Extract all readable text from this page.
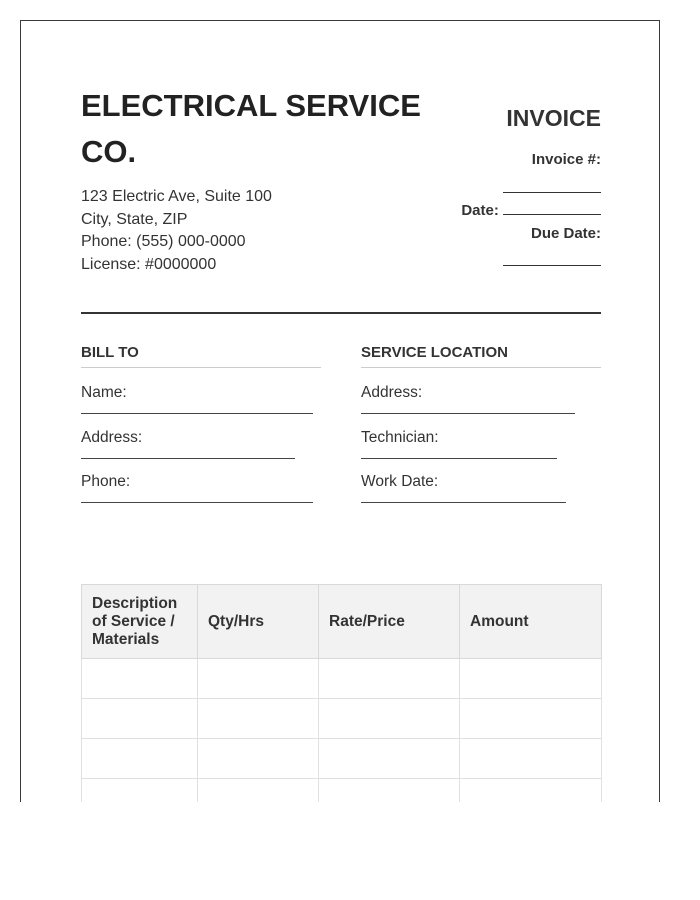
ELECTRICAL SERVICE CO.
123 Electric Ave, Suite 100
City, State, ZIP
Phone: (555) 000-0000
License: #0000000
INVOICE
Invoice #:
Date:
Due Date:
BILL TO
Name:
Address:
Phone:
SERVICE LOCATION
Address:
Technician:
Work Date:
Description of Service / Materials	Qty/Hrs	Rate/Price	Amount
